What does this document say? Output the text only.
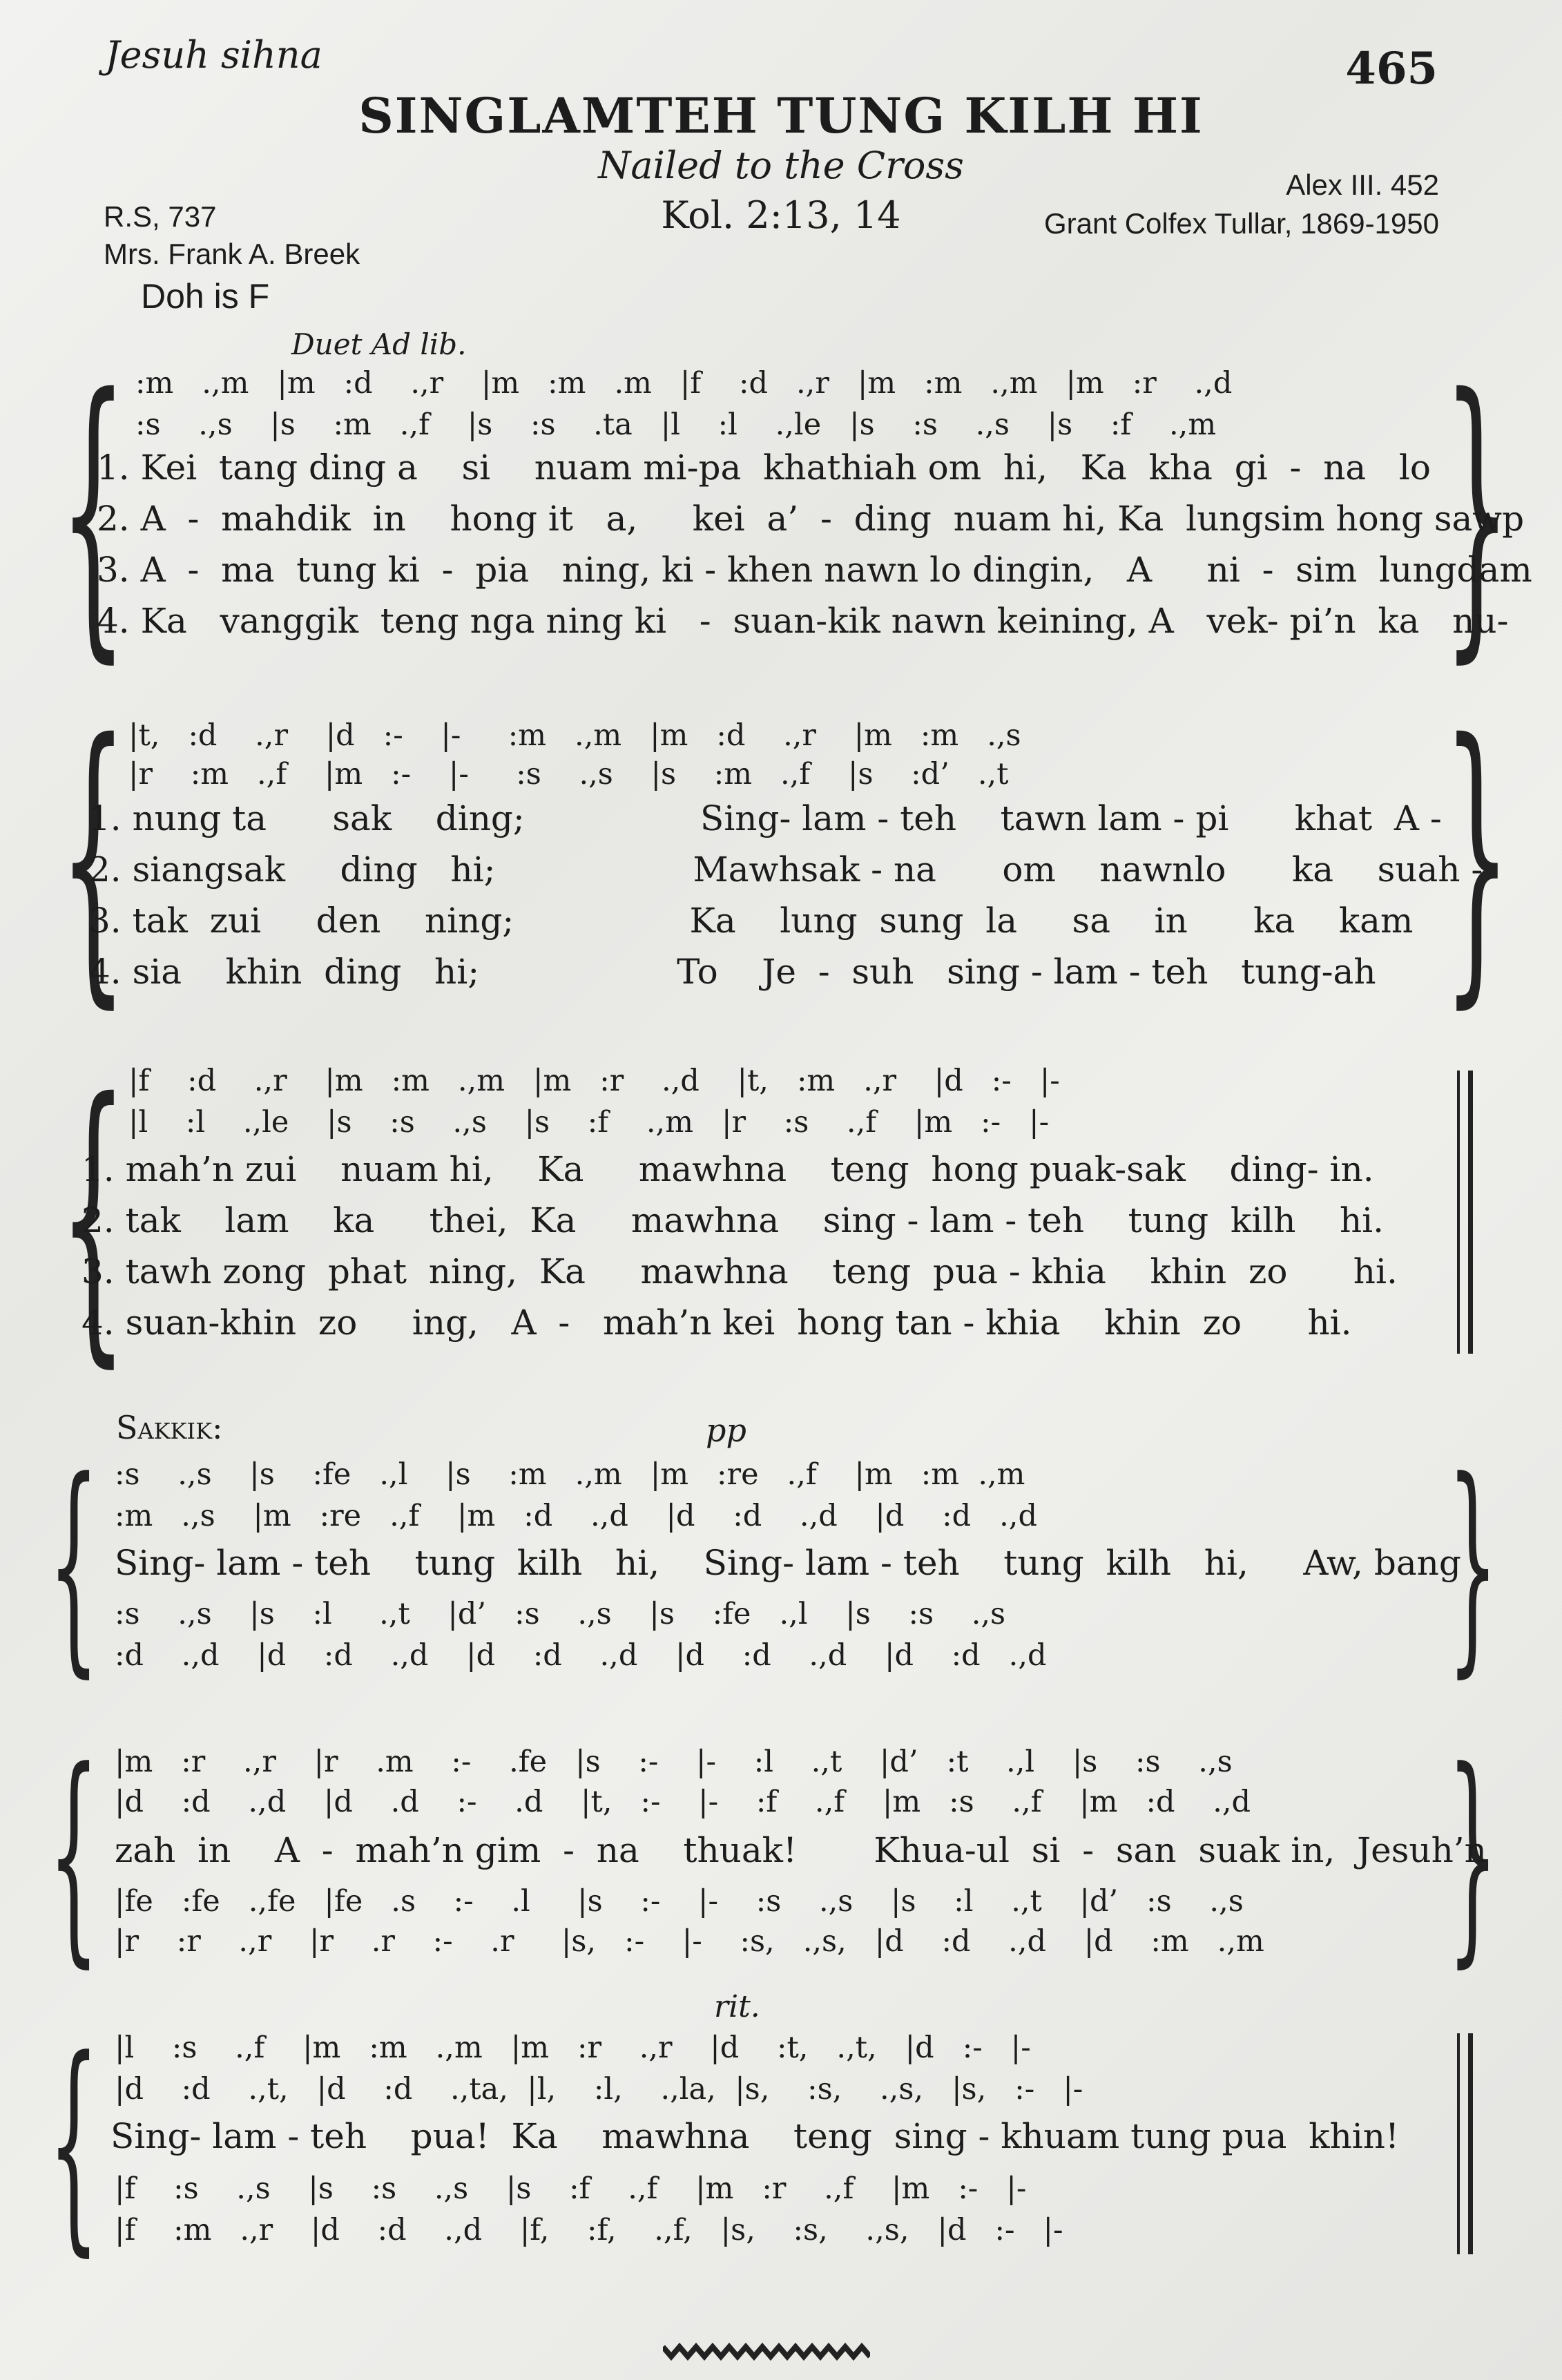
Jesuh sihna	465
SINGLAMTEH TUNG KILH HI
Nailed to the Cross
Kol. 2:13, 14
R.S, 737
Mrs. Frank A. Breek
Doh is F
Alex III. 452
Grant Colfex Tullar, 1869-1950
Duet Ad lib.
{	}
:m   .,m   |m   :d    .,r    |m   :m   .m   |f    :d   .,r   |m   :m   .,m   |m   :r    .,d
:s    .,s    |s    :m   .,f    |s    :s    .ta   |l    :l    .,le   |s    :s    .,s    |s    :f    .,m
1. Kei  tang ding a    si    nuam mi-pa  khathiah om  hi,   Ka  kha  gi  -  na   lo
2. A  -  mahdik  in    hong it   a,     kei  a’  -  ding  nuam hi, Ka  lungsim hong sawp
3. A  -  ma  tung ki  -  pia   ning, ki - khen nawn lo dingin,   A     ni  -  sim  lungdam
4. Ka   vanggik  teng nga ning ki   -  suan-kik nawn keining, A   vek- pi’n  ka   nu-
{	}
|t,   :d    .,r    |d   :-    |-     :m   .,m   |m   :d    .,r    |m   :m   .,s
|r    :m   .,f    |m   :-    |-     :s    .,s    |s    :m   .,f    |s    :d’   .,t
1. nung ta      sak    ding;                Sing- lam - teh    tawn lam - pi      khat  A -
2. siangsak     ding   hi;                  Mawhsak - na      om    nawnlo      ka    suah -
3. tak  zui     den    ning;                Ka    lung  sung  la     sa    in      ka    kam
4. sia    khin  ding   hi;                  To    Je  -  suh   sing - lam - teh   tung-ah
{ |f    :d    .,r    |m   :m   .,m   |m   :r    .,d    |t,   :m   .,r    |d   :-   |-
|l    :l    .,le    |s    :s    .,s    |s    :f    .,m   |r    :s    .,f    |m   :-   |-
1. mah’n zui    nuam hi,    Ka     mawhna    teng  hong puak-sak    ding- in.
2. tak    lam    ka     thei,  Ka     mawhna    sing - lam - teh    tung  kilh    hi.
3. tawh zong  phat  ning,  Ka     mawhna    teng  pua - khia    khin  zo      hi.
4. suan-khin  zo     ing,   A  -   mah’n kei  hong tan - khia    khin  zo      hi.
Sakkik:	pp
{	}
:s    .,s    |s    :fe   .,l    |s    :m   .,m   |m   :re   .,f    |m   :m  .,m
:m   .,s    |m   :re   .,f    |m   :d    .,d    |d    :d    .,d    |d    :d   .,d
Sing- lam - teh    tung  kilh   hi,    Sing- lam - teh    tung  kilh   hi,     Aw, bang
:s    .,s    |s    :l     .,t    |d’   :s    .,s    |s    :fe   .,l    |s    :s    .,s
:d    .,d    |d    :d    .,d    |d    :d    .,d    |d    :d    .,d    |d    :d   .,d
{	}
|m   :r    .,r    |r    .m    :-    .fe   |s    :-    |-    :l    .,t    |d’   :t    .,l    |s    :s    .,s
|d    :d    .,d    |d    .d    :-    .d    |t,   :-    |-    :f    .,f    |m   :s    .,f    |m   :d    .,d
zah  in    A  -  mah’n gim  -  na    thuak!       Khua-ul  si  -  san  suak in,  Jesuh’n
|fe   :fe   .,fe   |fe   .s    :-    .l     |s    :-    |-    :s    .,s    |s    :l    .,t    |d’   :s    .,s
|r    :r    .,r    |r    .r    :-    .r     |s,   :-    |-    :s,   .,s,   |d    :d    .,d    |d    :m   .,m
rit.
{ |l    :s    .,f    |m   :m   .,m   |m   :r    .,r    |d    :t,   .,t,   |d   :-   |-
|d    :d    .,t,   |d    :d    .,ta,  |l,    :l,    .,la,  |s,    :s,    .,s,   |s,   :-   |-
Sing- lam - teh    pua!  Ka    mawhna    teng  sing - khuam tung pua  khin!
|f    :s    .,s    |s    :s    .,s    |s    :f    .,f    |m   :r    .,f    |m   :-   |-
|f    :m   .,r    |d    :d    .,d    |f,    :f,    .,f,   |s,    :s,    .,s,   |d   :-   |-
